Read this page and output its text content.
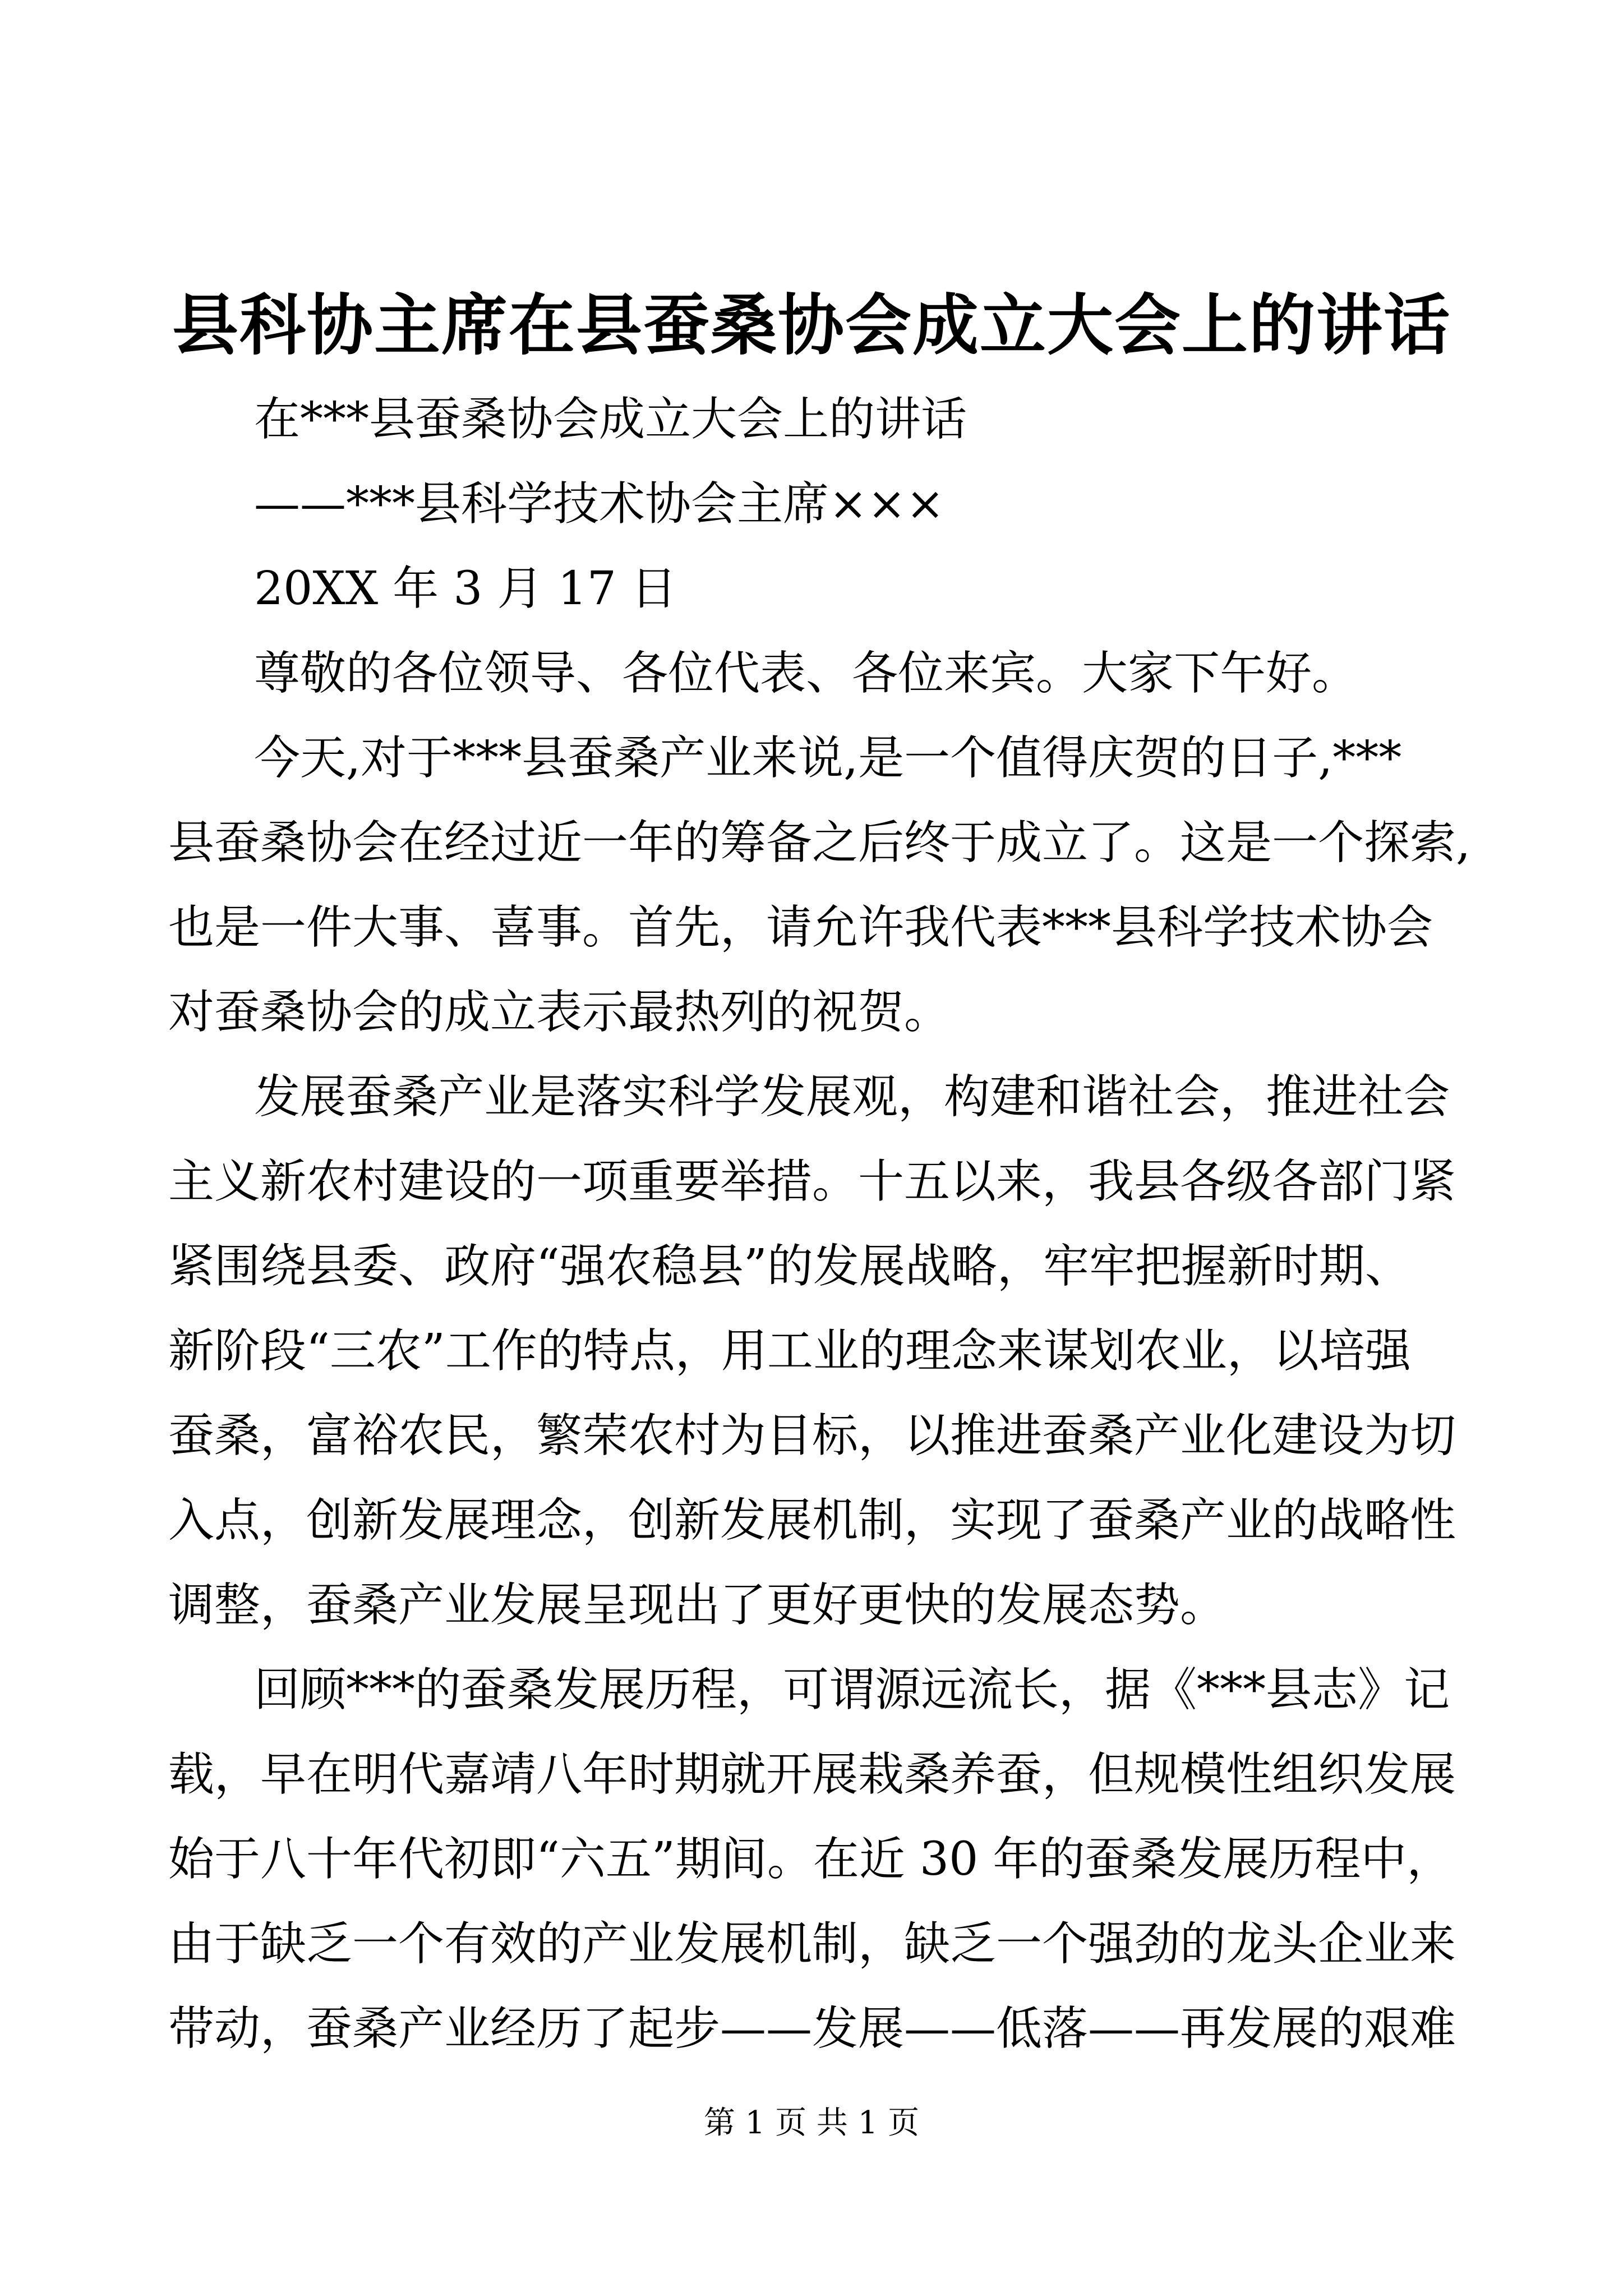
县科协主席在县蚕桑协会成立大会上的讲话
在***县蚕桑协会成立大会上的讲话
——***县科学技术协会主席×××
20XX 年 3 月 17 日
尊敬的各位领导、各位代表、各位来宾。大家下午好。
今天,对于***县蚕桑产业来说,是一个值得庆贺的日子,***
县蚕桑协会在经过近一年的筹备之后终于成立了。这是一个探索,
也是一件大事、喜事。首先，请允许我代表***县科学技术协会
对蚕桑协会的成立表示最热列的祝贺。
发展蚕桑产业是落实科学发展观，构建和谐社会，推进社会
主义新农村建设的一项重要举措。十五以来，我县各级各部门紧
紧围绕县委、政府“强农稳县”的发展战略，牢牢把握新时期、
新阶段“三农”工作的特点，用工业的理念来谋划农业，以培强
蚕桑，富裕农民，繁荣农村为目标，以推进蚕桑产业化建设为切
入点，创新发展理念，创新发展机制，实现了蚕桑产业的战略性
调整，蚕桑产业发展呈现出了更好更快的发展态势。
回顾***的蚕桑发展历程，可谓源远流长，据《***县志》记
载，早在明代嘉靖八年时期就开展栽桑养蚕，但规模性组织发展
始于八十年代初即“六五”期间。在近 30 年的蚕桑发展历程中，
由于缺乏一个有效的产业发展机制，缺乏一个强劲的龙头企业来
带动，蚕桑产业经历了起步——发展——低落——再发展的艰难
第 1 页 共 1 页
